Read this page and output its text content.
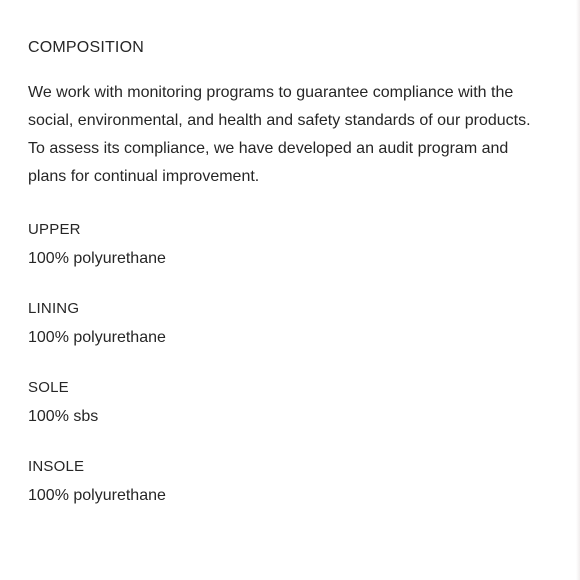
COMPOSITION

We work with monitoring programs to guarantee compliance with the social, environmental, and health and safety standards of our products. To assess its compliance, we have developed an audit program and plans for continual improvement.

UPPER
100% polyurethane
LINING
100% polyurethane
SOLE
100% sbs
INSOLE
100% polyurethane
